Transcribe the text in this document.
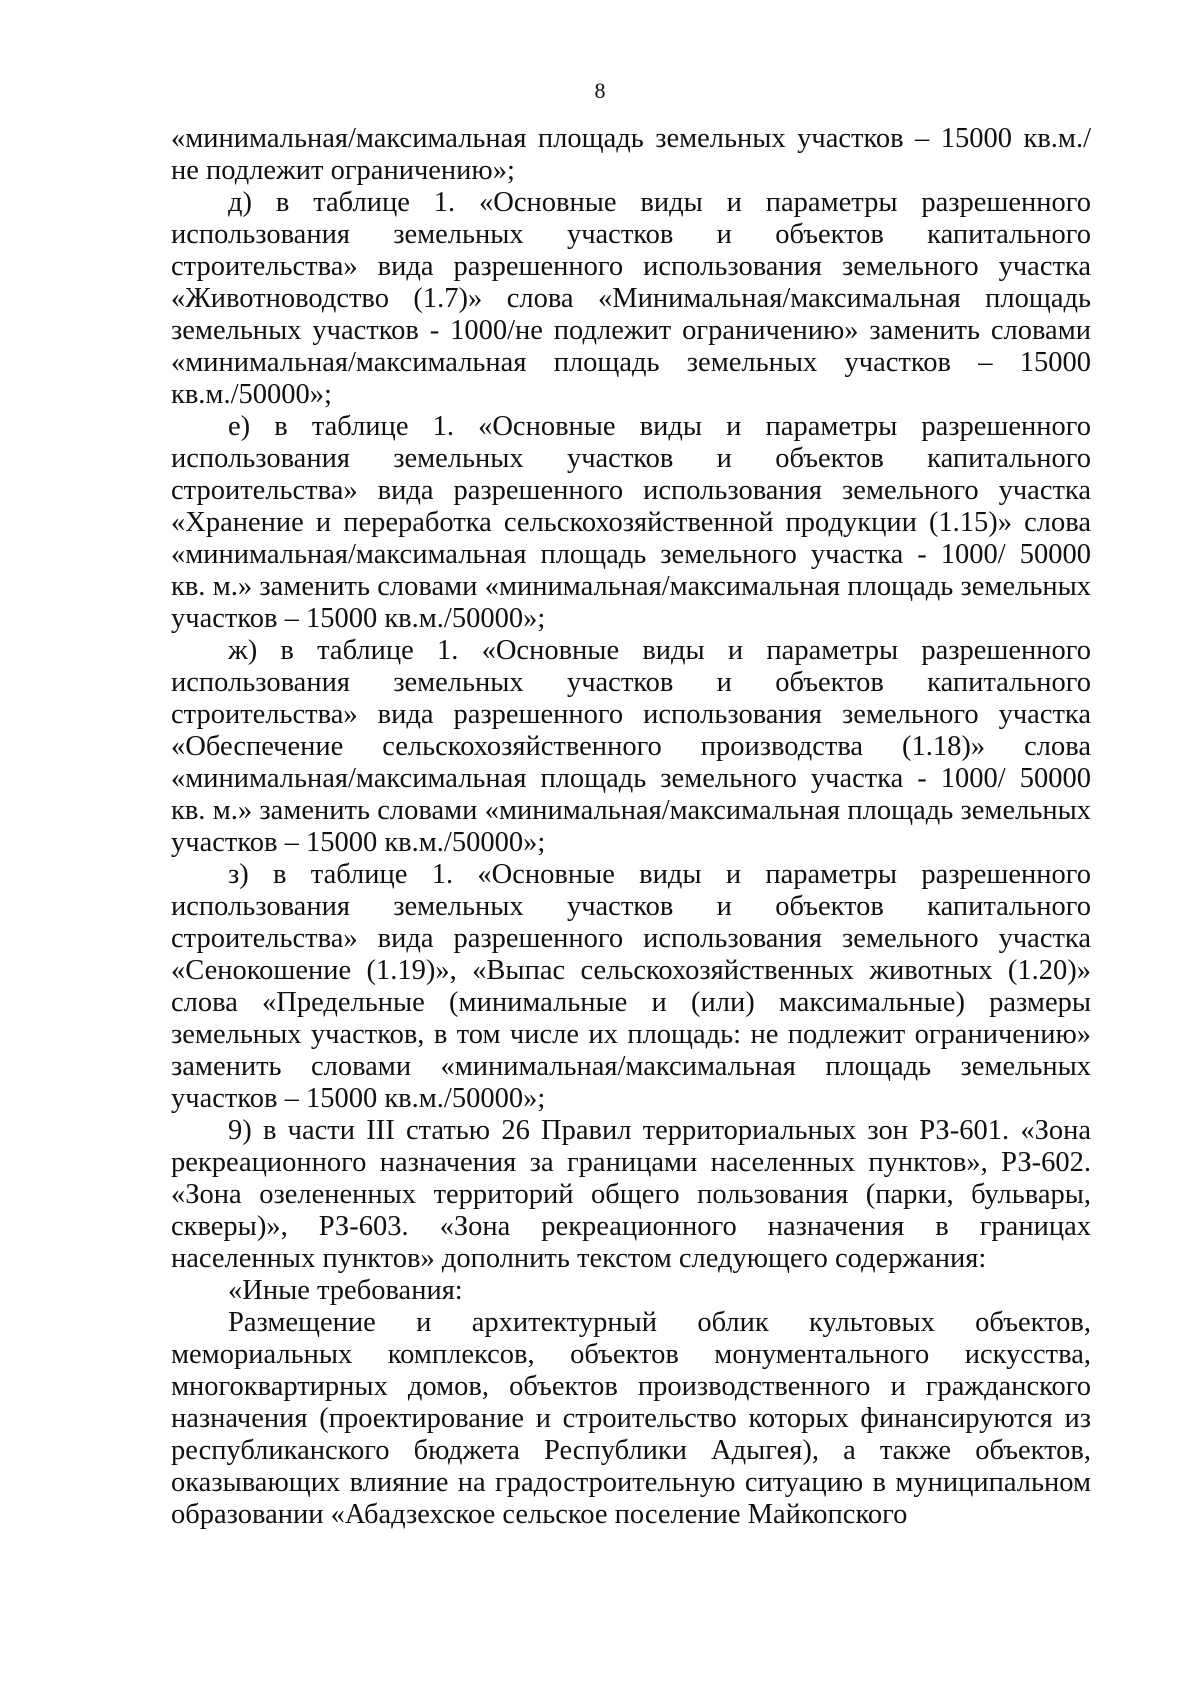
8

«минимальная/максимальная площадь земельных участков – 15000 кв.м./не подлежит ограничению»;

д) в таблице 1. «Основные виды и параметры разрешенного использования земельных участков и объектов капитального строительства» вида разрешенного использования земельного участка «Животноводство (1.7)» слова «Минимальная/максимальная площадь земельных участков - 1000/не подлежит ограничению» заменить словами «минимальная/максимальная площадь земельных участков – 15000 кв.м./50000»;

е) в таблице 1. «Основные виды и параметры разрешенного использования земельных участков и объектов капитального строительства» вида разрешенного использования земельного участка «Хранение и переработка сельскохозяйственной продукции (1.15)» слова «минимальная/максимальная площадь земельного участка - 1000/ 50000 кв. м.» заменить словами «минимальная/максимальная площадь земельных участков – 15000 кв.м./50000»;

ж) в таблице 1. «Основные виды и параметры разрешенного использования земельных участков и объектов капитального строительства» вида разрешенного использования земельного участка «Обеспечение сельскохозяйственного производства (1.18)» слова «минимальная/максимальная площадь земельного участка - 1000/ 50000 кв. м.» заменить словами «минимальная/максимальная площадь земельных участков – 15000 кв.м./50000»;

з) в таблице 1. «Основные виды и параметры разрешенного использования земельных участков и объектов капитального строительства» вида разрешенного использования земельного участка «Сенокошение (1.19)», «Выпас сельскохозяйственных животных (1.20)» слова «Предельные (минимальные и (или) максимальные) размеры земельных участков, в том числе их площадь: не подлежит ограничению» заменить словами «минимальная/максимальная площадь земельных участков – 15000 кв.м./50000»;

9) в части III статью 26 Правил территориальных зон РЗ-601. «Зона рекреационного назначения за границами населенных пунктов», РЗ-602. «Зона озелененных территорий общего пользования (парки, бульвары, скверы)», РЗ-603. «Зона рекреационного назначения в границах населенных пунктов» дополнить текстом следующего содержания:

«Иные требования:

Размещение и архитектурный облик культовых объектов, мемориальных комплексов, объектов монументального искусства, многоквартирных домов, объектов производственного и гражданского назначения (проектирование и строительство которых финансируются из республиканского бюджета Республики Адыгея), а также объектов, оказывающих влияние на градостроительную ситуацию в муниципальном образовании «Абадзехское сельское поселение Майкопского
